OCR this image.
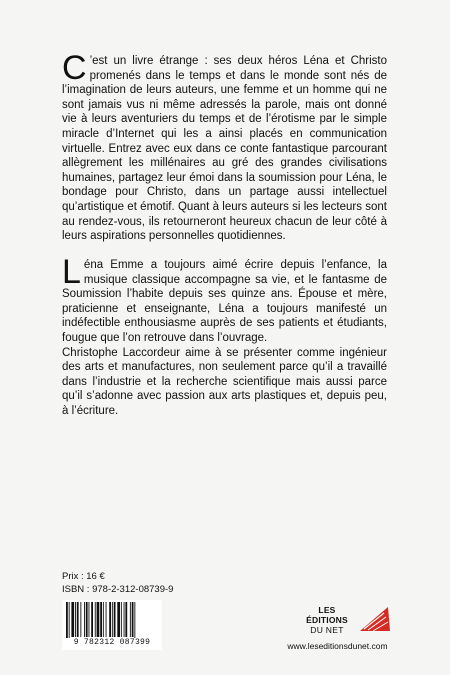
C ’est un livre étrange : ses deux héros Léna et Christo promenés dans le temps et dans le monde sont nés de l’imagination de leurs auteurs, une femme et un homme qui ne sont jamais vus ni même adressés la parole, mais ont donné vie à leurs aventuriers du temps et de l’érotisme par le simple miracle d’Internet qui les a ainsi placés en communication virtuelle. Entrez avec eux dans ce conte fantastique parcourant allègrement les millénaires au gré des grandes civilisations humaines, partagez leur émoi dans la soumission pour Léna, le bondage pour Christo, dans un partage aussi intellectuel qu’artistique et émotif. Quant à leurs auteurs si les lecteurs sont au rendez-vous, ils retourneront heureux chacun de leur côté à leurs aspirations personnelles quotidiennes.

Léna Emme a toujours aimé écrire depuis l’enfance, la musique classique accompagne sa vie, et le fantasme de Soumission l’habite depuis ses quinze ans. Épouse et mère, praticienne et enseignante, Léna a toujours manifesté un indéfectible enthousiasme auprès de ses patients et étudiants, fougue que l’on retrouve dans l’ouvrage.

Christophe Laccordeur aime à se présenter comme ingénieur des arts et manufactures, non seulement parce qu’il a travaillé dans l’industrie et la recherche scientifique mais aussi parce qu’il s’adonne avec passion aux arts plastiques et, depuis peu, à l’écriture.

Prix : 16 €
ISBN : 978-2-312-08739-9
9 782312 087399
LES ÉDITIONS
DU NET
www.leseditionsdunet.com
